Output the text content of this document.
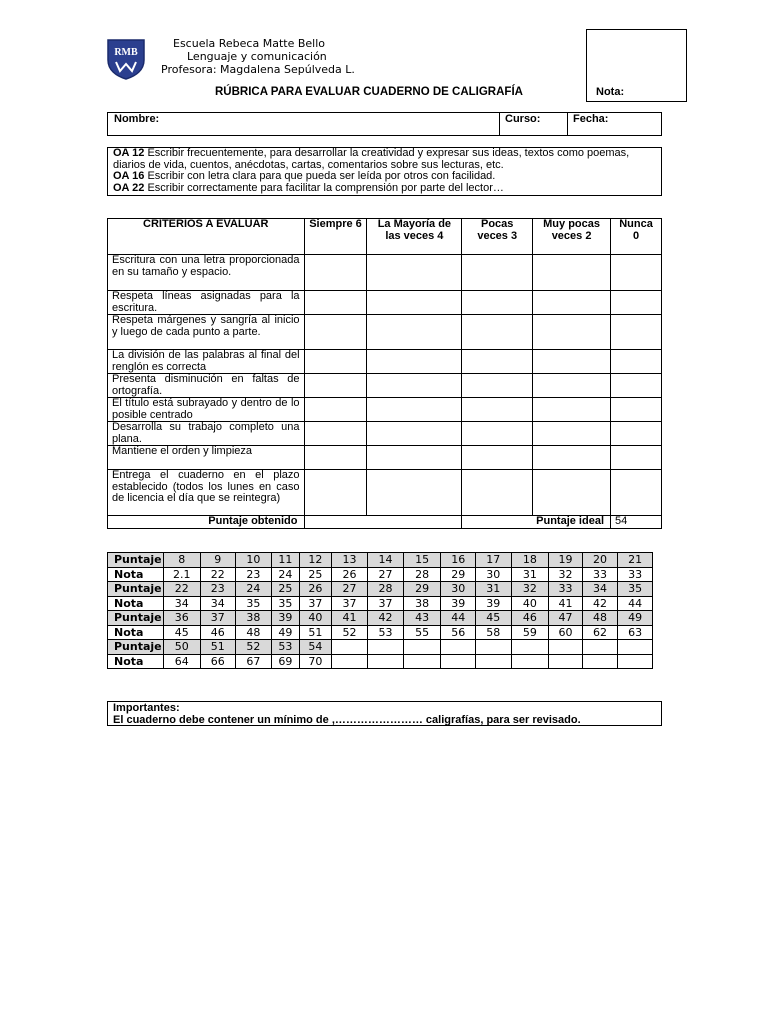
RMB
Escuela Rebeca Matte Bello
Lenguaje y comunicación
Profesora: Magdalena Sepúlveda L.
Nota:
RÚBRICA PARA EVALUAR CUADERNO DE CALIGRAFÍA
Nombre:	Curso:	Fecha:
OA 12 Escribir frecuentemente, para desarrollar la creatividad y expresar sus ideas, textos como poemas, diarios de vida, cuentos, anécdotas, cartas, comentarios sobre sus lecturas, etc.
OA 16 Escribir con letra clara para que pueda ser leída por otros con facilidad.
OA 22 Escribir correctamente para facilitar la comprensión por parte del lector…
CRITERIOS A EVALUAR	Siempre 6	La Mayoría de las veces 4	Pocas veces 3	Muy pocas veces 2	Nunca 0
Escritura con una letra proporcionada en su tamaño y espacio.					
Respeta líneas asignadas para la escritura.					
Respeta márgenes y sangría al inicio y luego de cada punto a parte.					
La división de las palabras al final del renglón es correcta					
Presenta disminución en faltas de ortografía.					
El título está subrayado y dentro de lo posible centrado					
Desarrolla su trabajo completo una plana.					
Mantiene el orden y limpieza					
Entrega el cuaderno en el plazo establecido (todos los lunes en caso de licencia el día que se reintegra)					
Puntaje obtenido			Puntaje ideal		54
Puntaje	8	9	10	11	12	13	14	15	16	17	18	19	20	21
Nota	2.1	22	23	24	25	26	27	28	29	30	31	32	33	33
Puntaje	22	23	24	25	26	27	28	29	30	31	32	33	34	35
Nota	34	34	35	35	37	37	37	38	39	39	40	41	42	44
Puntaje	36	37	38	39	40	41	42	43	44	45	46	47	48	49
Nota	45	46	48	49	51	52	53	55	56	58	59	60	62	63
Puntaje	50	51	52	53	54									
Nota	64	66	67	69	70									
Importantes:
El cuaderno debe contener un mínimo de ,…………………… caligrafías, para ser revisado.
